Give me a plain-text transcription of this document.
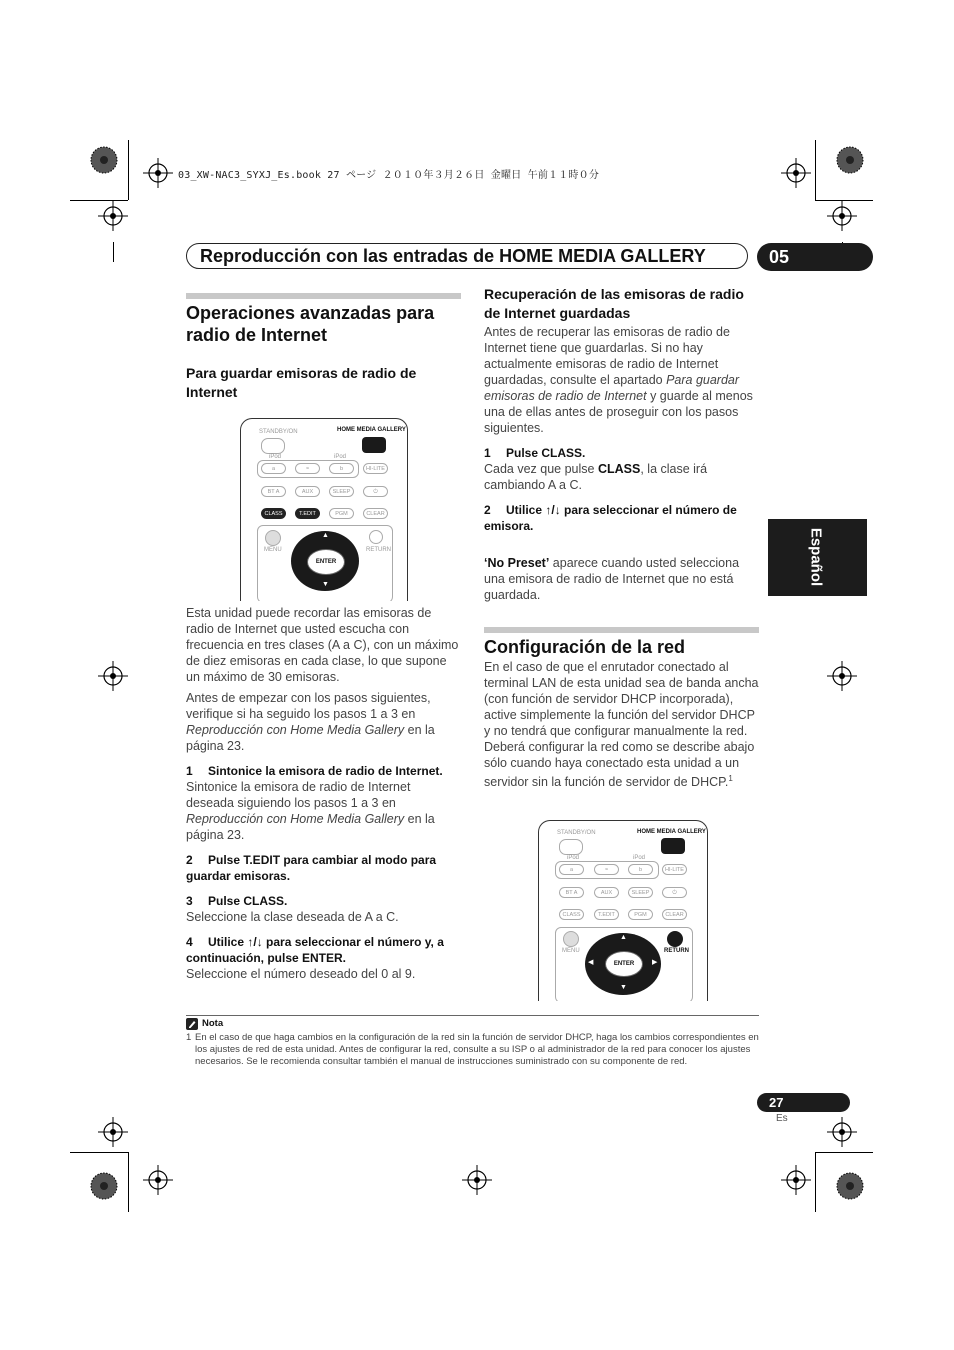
03_XW-NAC3_SYXJ_Es.book 27 ページ ２０１０年３月２６日 金曜日 午前１１時０分
Reproducción con las entradas de HOME MEDIA GALLERY	05
Español
Operaciones avanzadas para radio de Internet
Para guardar emisoras de radio de Internet
STANDBY/ON	HOME MEDIA GALLERY
iPod	iPod
a	≈	b	HI-LITE
BT A	AUX	SLEEP	⏻
CLASS	T.EDIT	PGM	CLEAR
MENU	RETURN
ENTER
▲
▼
Esta unidad puede recordar las emisoras de radio de Internet que usted escucha con frecuencia en tres clases (A a C), con un máximo de diez emisoras en cada clase, lo que supone un máximo de 30 emisoras.
Antes de empezar con los pasos siguientes, verifique si ha seguido los pasos 1 a 3 en Reproducción con Home Media Gallery en la página 23.
1 Sintonice la emisora de radio de Internet.
Sintonice la emisora de radio de Internet deseada siguiendo los pasos 1 a 3 en Reproducción con Home Media Gallery en la página 23.
2 Pulse T.EDIT para cambiar al modo para guardar emisoras.
3 Pulse CLASS.
Seleccione la clase deseada de A a C.
4 Utilice ↑/↓ para seleccionar el número y, a continuación, pulse ENTER.
Seleccione el número deseado del 0 al 9.
Recuperación de las emisoras de radio de Internet guardadas
Antes de recuperar las emisoras de radio de Internet tiene que guardarlas. Si no hay actualmente emisoras de radio de Internet guardadas, consulte el apartado Para guardar emisoras de radio de Internet y guarde al menos una de ellas antes de proseguir con los pasos siguientes.
1 Pulse CLASS.
Cada vez que pulse CLASS, la clase irá cambiando A a C.
2 Utilice ↑/↓ para seleccionar el número de emisora.
‘No Preset’ aparece cuando usted selecciona una emisora de radio de Internet que no está guardada.
Configuración de la red
En el caso de que el enrutador conectado al terminal LAN de esta unidad sea de banda ancha (con función de servidor DHCP incorporada), active simplemente la función del servidor DHCP y no tendrá que configurar manualmente la red. Deberá configurar la red como se describe abajo sólo cuando haya conectado esta unidad a un servidor sin la función de servidor de DHCP.$^1$
STANDBY/ON	HOME MEDIA GALLERY
iPod	iPod
a	≈	b	HI-LITE
BT A	AUX	SLEEP	⏻
CLASS	T.EDIT	PGM	CLEAR
MENU	RETURN
ENTER
▲
▼
◀	▶
Nota
1 En el caso de que haga cambios en la configuración de la red sin la función de servidor DHCP, haga los cambios correspondientes en los ajustes de red de esta unidad. Antes de configurar la red, consulte a su ISP o al administrador de la red para conocer los ajustes necesarios. Se le recomienda consultar también el manual de instrucciones suministrado con su componente de red.
27
Es
